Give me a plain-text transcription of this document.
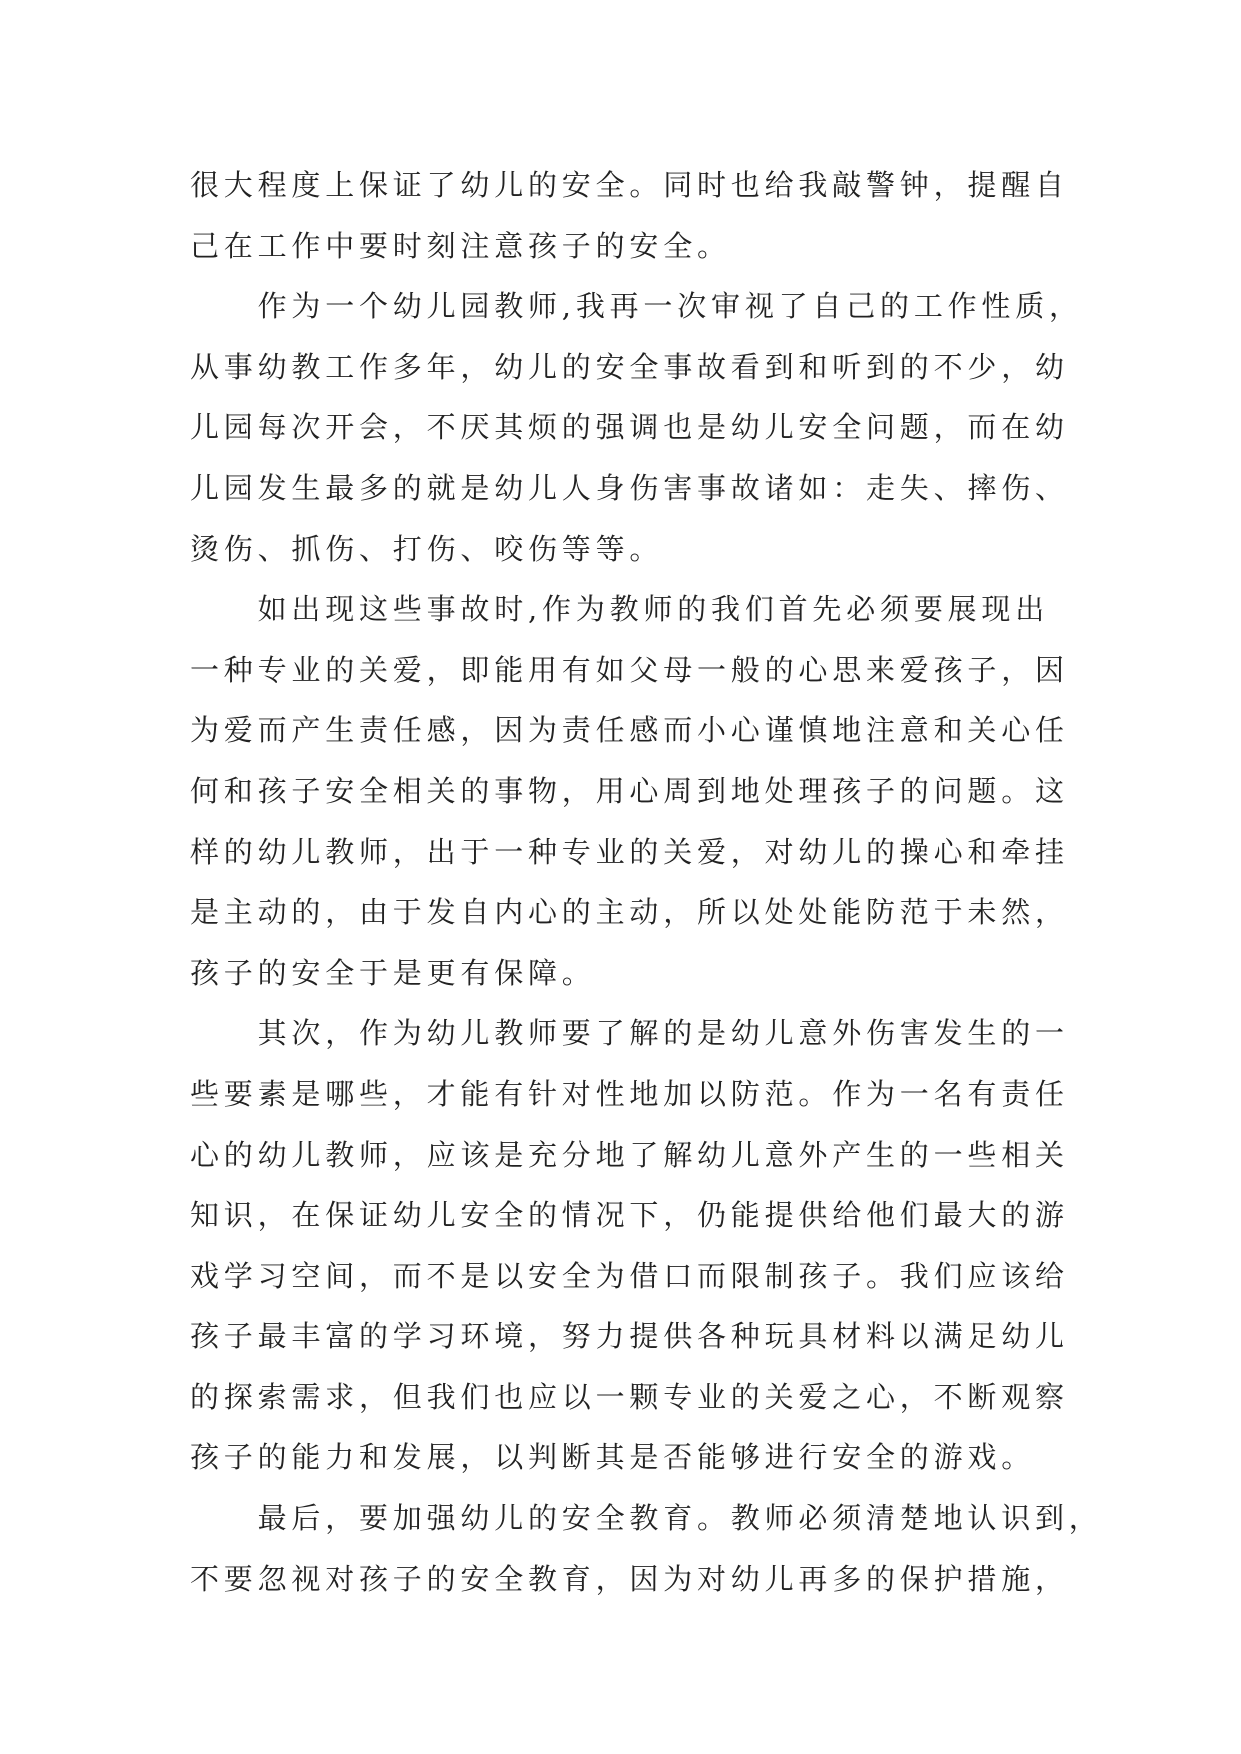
很大程度上保证了幼儿的安全。同时也给我敲警钟，提醒自
己在工作中要时刻注意孩子的安全。
　　作为一个幼儿园教师,我再一次审视了自己的工作性质，
从事幼教工作多年，幼儿的安全事故看到和听到的不少，幼
儿园每次开会，不厌其烦的强调也是幼儿安全问题，而在幼
儿园发生最多的就是幼儿人身伤害事故诸如：走失、摔伤、
烫伤、抓伤、打伤、咬伤等等。
　　如出现这些事故时,作为教师的我们首先必须要展现出
一种专业的关爱，即能用有如父母一般的心思来爱孩子，因
为爱而产生责任感，因为责任感而小心谨慎地注意和关心任
何和孩子安全相关的事物，用心周到地处理孩子的问题。这
样的幼儿教师，出于一种专业的关爱，对幼儿的操心和牵挂
是主动的，由于发自内心的主动，所以处处能防范于未然，
孩子的安全于是更有保障。
　　其次，作为幼儿教师要了解的是幼儿意外伤害发生的一
些要素是哪些，才能有针对性地加以防范。作为一名有责任
心的幼儿教师，应该是充分地了解幼儿意外产生的一些相关
知识，在保证幼儿安全的情况下，仍能提供给他们最大的游
戏学习空间，而不是以安全为借口而限制孩子。我们应该给
孩子最丰富的学习环境，努力提供各种玩具材料以满足幼儿
的探索需求，但我们也应以一颗专业的关爱之心，不断观察
孩子的能力和发展，以判断其是否能够进行安全的游戏。
　　最后，要加强幼儿的安全教育。教师必须清楚地认识到，
不要忽视对孩子的安全教育，因为对幼儿再多的保护措施，
